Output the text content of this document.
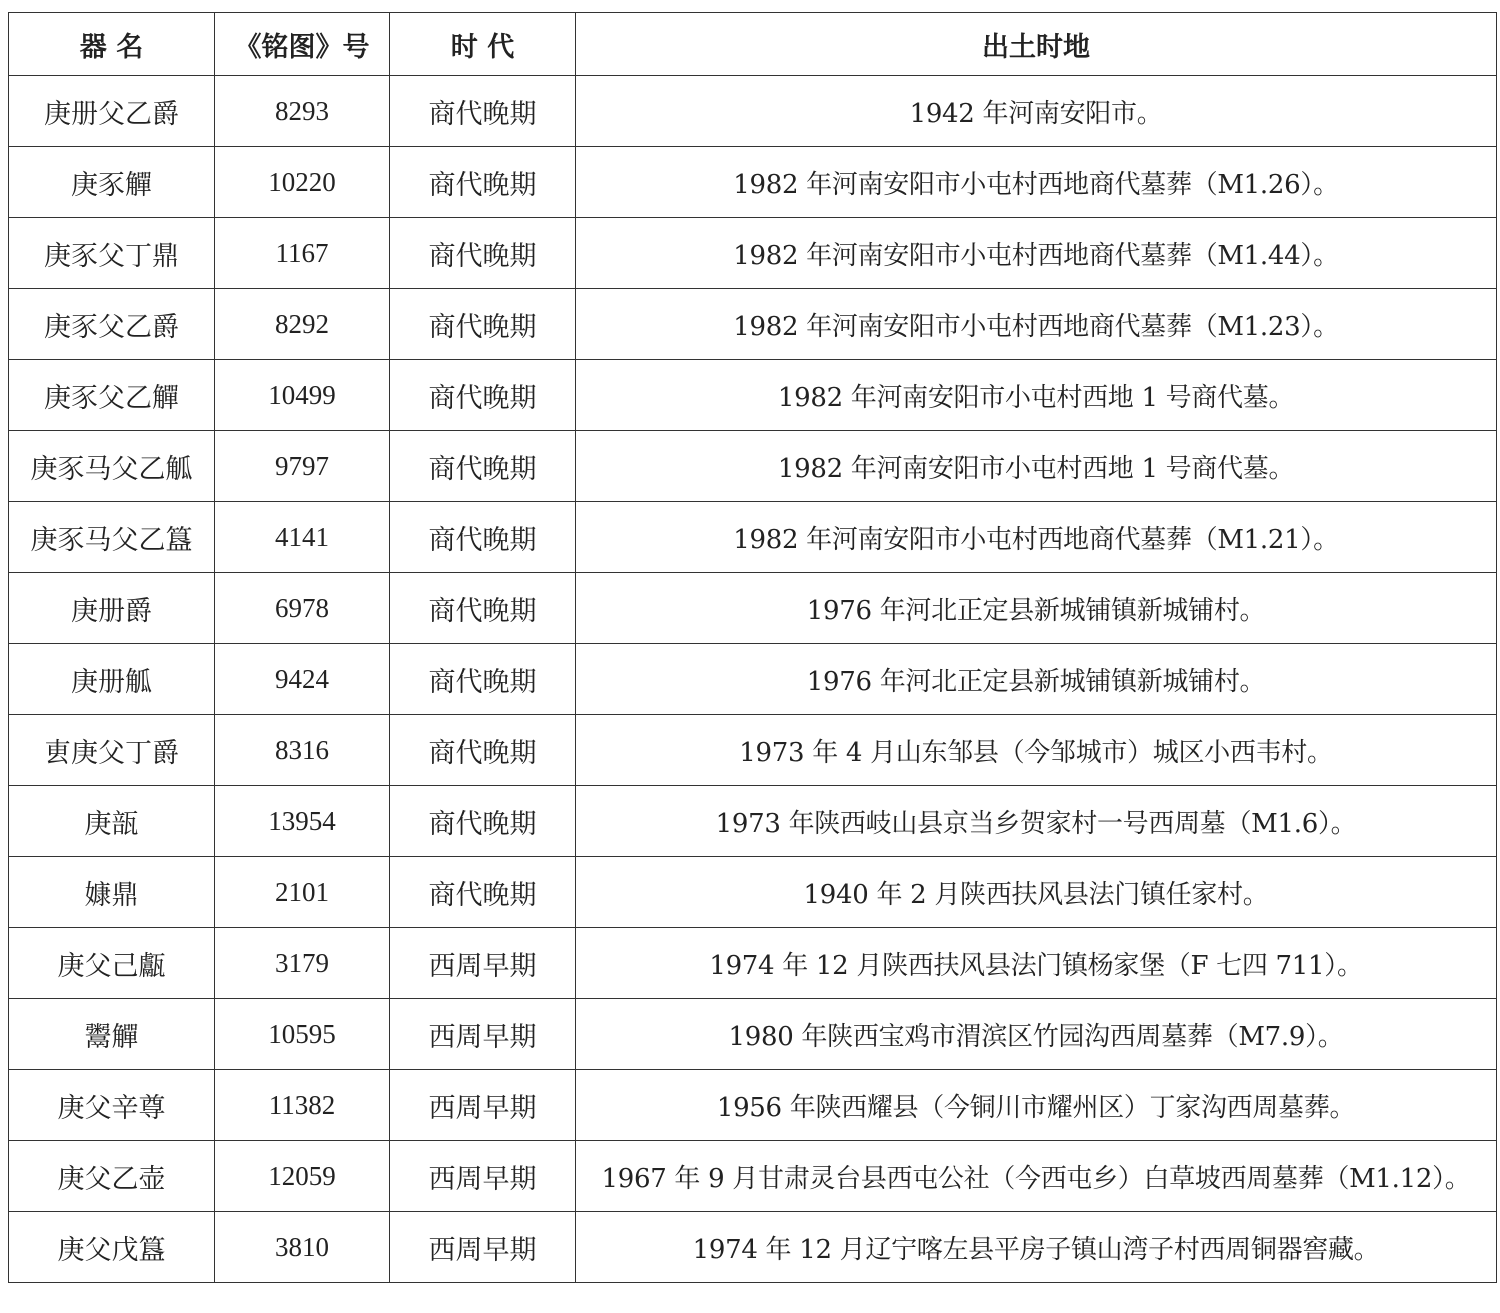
器 名	《铭图》号	时 代	出土时地
庚册父乙爵	8293	商代晚期	1942 年河南安阳市。
庚豕觶	10220	商代晚期	1982 年河南安阳市小屯村西地商代墓葬（M1.26）。
庚豕父丁鼎	1167	商代晚期	1982 年河南安阳市小屯村西地商代墓葬（M1.44）。
庚豕父乙爵	8292	商代晚期	1982 年河南安阳市小屯村西地商代墓葬（M1.23）。
庚豕父乙觶	10499	商代晚期	1982 年河南安阳市小屯村西地 1 号商代墓。
庚豕马父乙觚	9797	商代晚期	1982 年河南安阳市小屯村西地 1 号商代墓。
庚豕马父乙簋	4141	商代晚期	1982 年河南安阳市小屯村西地商代墓葬（M1.21）。
庚册爵	6978	商代晚期	1976 年河北正定县新城铺镇新城铺村。
庚册觚	9424	商代晚期	1976 年河北正定县新城铺镇新城铺村。
叀庚父丁爵	8316	商代晚期	1973 年 4 月山东邹县（今邹城市）城区小西韦村。
庚瓿	13954	商代晚期	1973 年陕西岐山县京当乡贺家村一号西周墓（M1.6）。
嫝鼎	2101	商代晚期	1940 年 2 月陕西扶风县法门镇任家村。
庚父己甗	3179	西周早期	1974 年 12 月陕西扶风县法门镇杨家堡（F 七四 711）。
鬻觶	10595	西周早期	1980 年陕西宝鸡市渭滨区竹园沟西周墓葬（M7.9）。
庚父辛尊	11382	西周早期	1956 年陕西耀县（今铜川市耀州区）丁家沟西周墓葬。
庚父乙壶	12059	西周早期	1967 年 9 月甘肃灵台县西屯公社（今西屯乡）白草坡西周墓葬（M1.12）。
庚父戊簋	3810	西周早期	1974 年 12 月辽宁喀左县平房子镇山湾子村西周铜器窖藏。
